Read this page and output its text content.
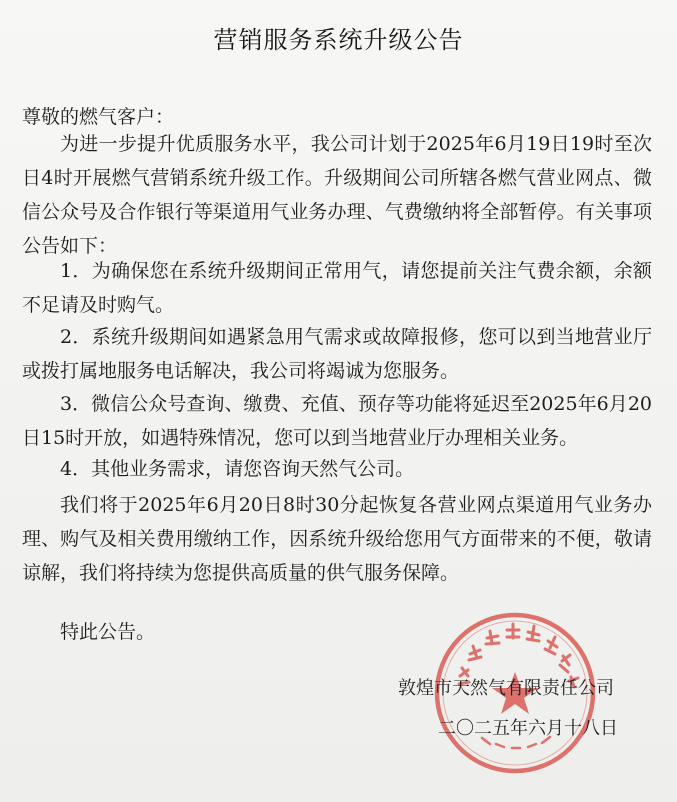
营销服务系统升级公告
尊敬的燃气客户：

为进一步提升优质服务水平，我公司计划于2025年6月19日19时至次日4时开展燃气营销系统升级工作。升级期间公司所辖各燃气营业网点、微信公众号及合作银行等渠道用气业务办理、气费缴纳将全部暂停。有关事项公告如下：

1．为确保您在系统升级期间正常用气，请您提前关注气费余额，余额不足请及时购气。

2．系统升级期间如遇紧急用气需求或故障报修，您可以到当地营业厅或拨打属地服务电话解决，我公司将竭诚为您服务。

3．微信公众号查询、缴费、充值、预存等功能将延迟至2025年6月20日15时开放，如遇特殊情况，您可以到当地营业厅办理相关业务。

4．其他业务需求，请您咨询天然气公司。

我们将于2025年6月20日8时30分起恢复各营业网点渠道用气业务办理、购气及相关费用缴纳工作，因系统升级给您用气方面带来的不便，敬请谅解，我们将持续为您提供高质量的供气服务保障。

特此公告。

敦煌市天然气有限责任公司
二〇二五年六月十八日
